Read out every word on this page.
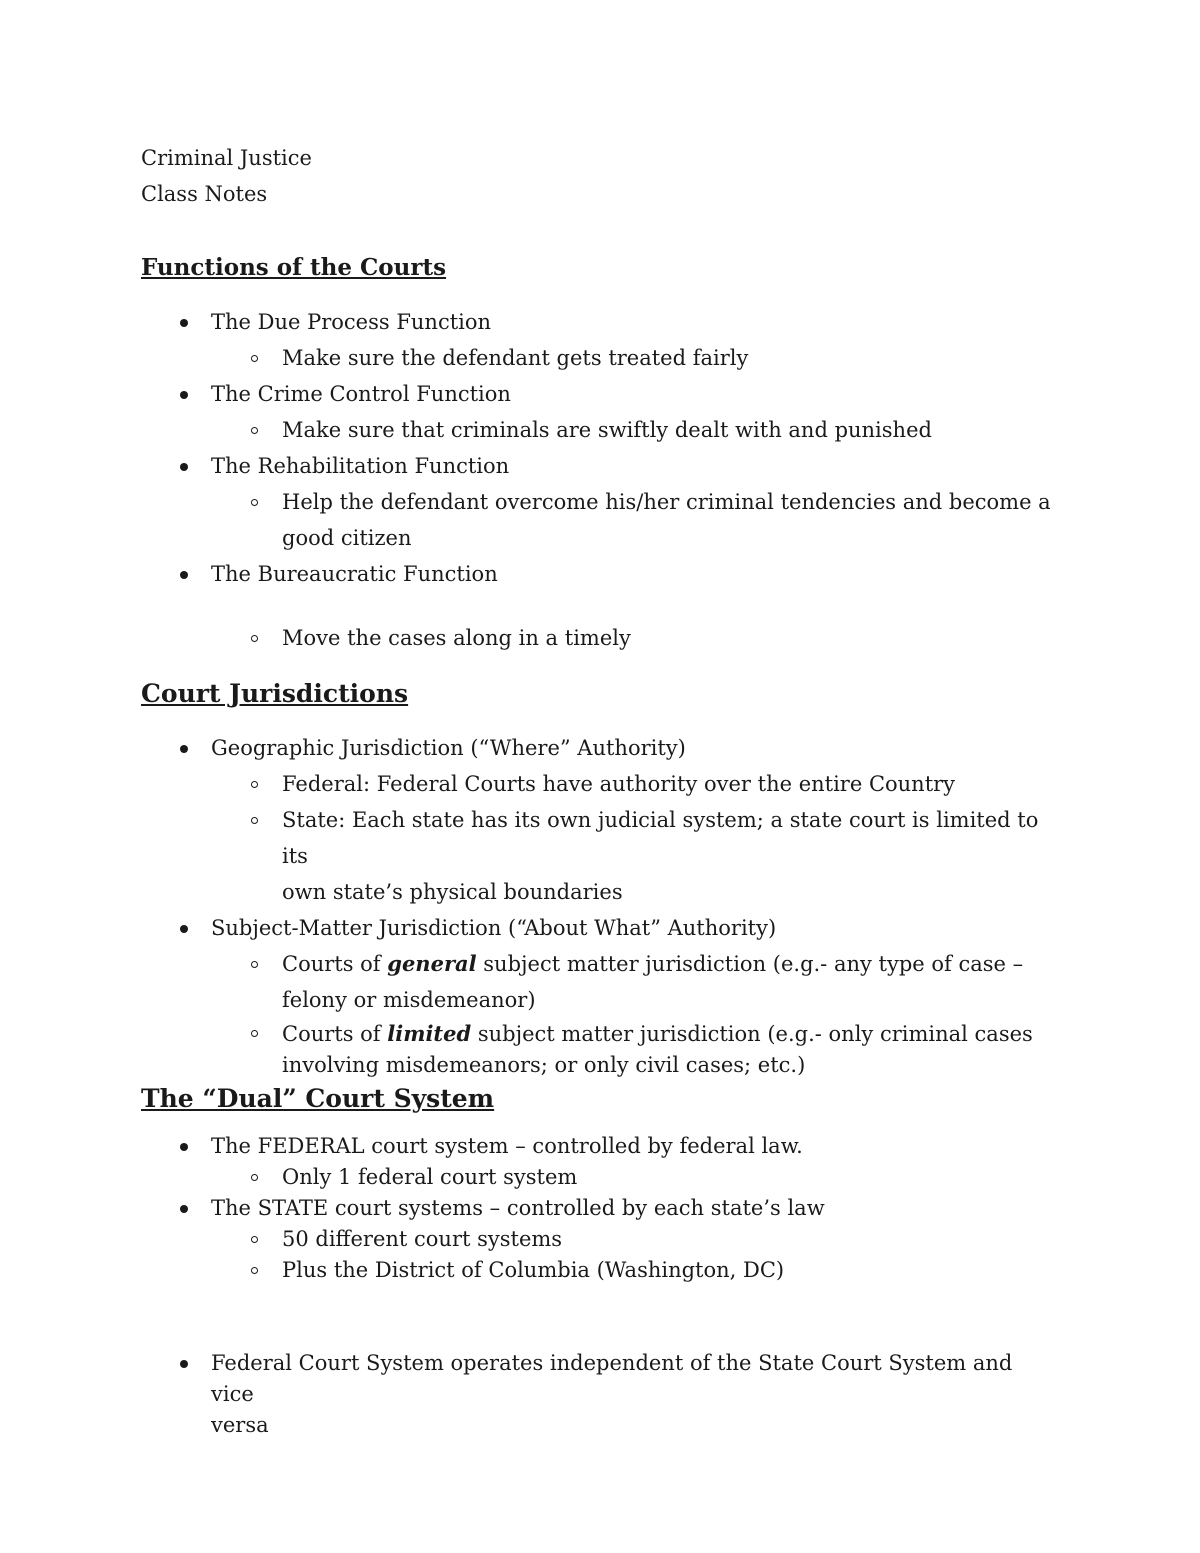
Criminal Justice
Class Notes
Functions of the Courts
The Due Process Function
Make sure the defendant gets treated fairly
The Crime Control Function
Make sure that criminals are swiftly dealt with and punished
The Rehabilitation Function
Help the defendant overcome his/her criminal tendencies and become a
good citizen
The Bureaucratic Function
Move the cases along in a timely
Court Jurisdictions
Geographic Jurisdiction (“Where” Authority)
Federal: Federal Courts have authority over the entire Country
State: Each state has its own judicial system; a state court is limited to its
own state’s physical boundaries
Subject-Matter Jurisdiction (“About What” Authority)
Courts of general subject matter jurisdiction (e.g.- any type of case –
felony or misdemeanor)
Courts of limited subject matter jurisdiction (e.g.- only criminal cases
involving misdemeanors; or only civil cases; etc.)
The “Dual” Court System
The FEDERAL court system – controlled by federal law.
Only 1 federal court system
The STATE court systems – controlled by each state’s law
50 different court systems
Plus the District of Columbia (Washington, DC)
Federal Court System operates independent of the State Court System and vice
versa
